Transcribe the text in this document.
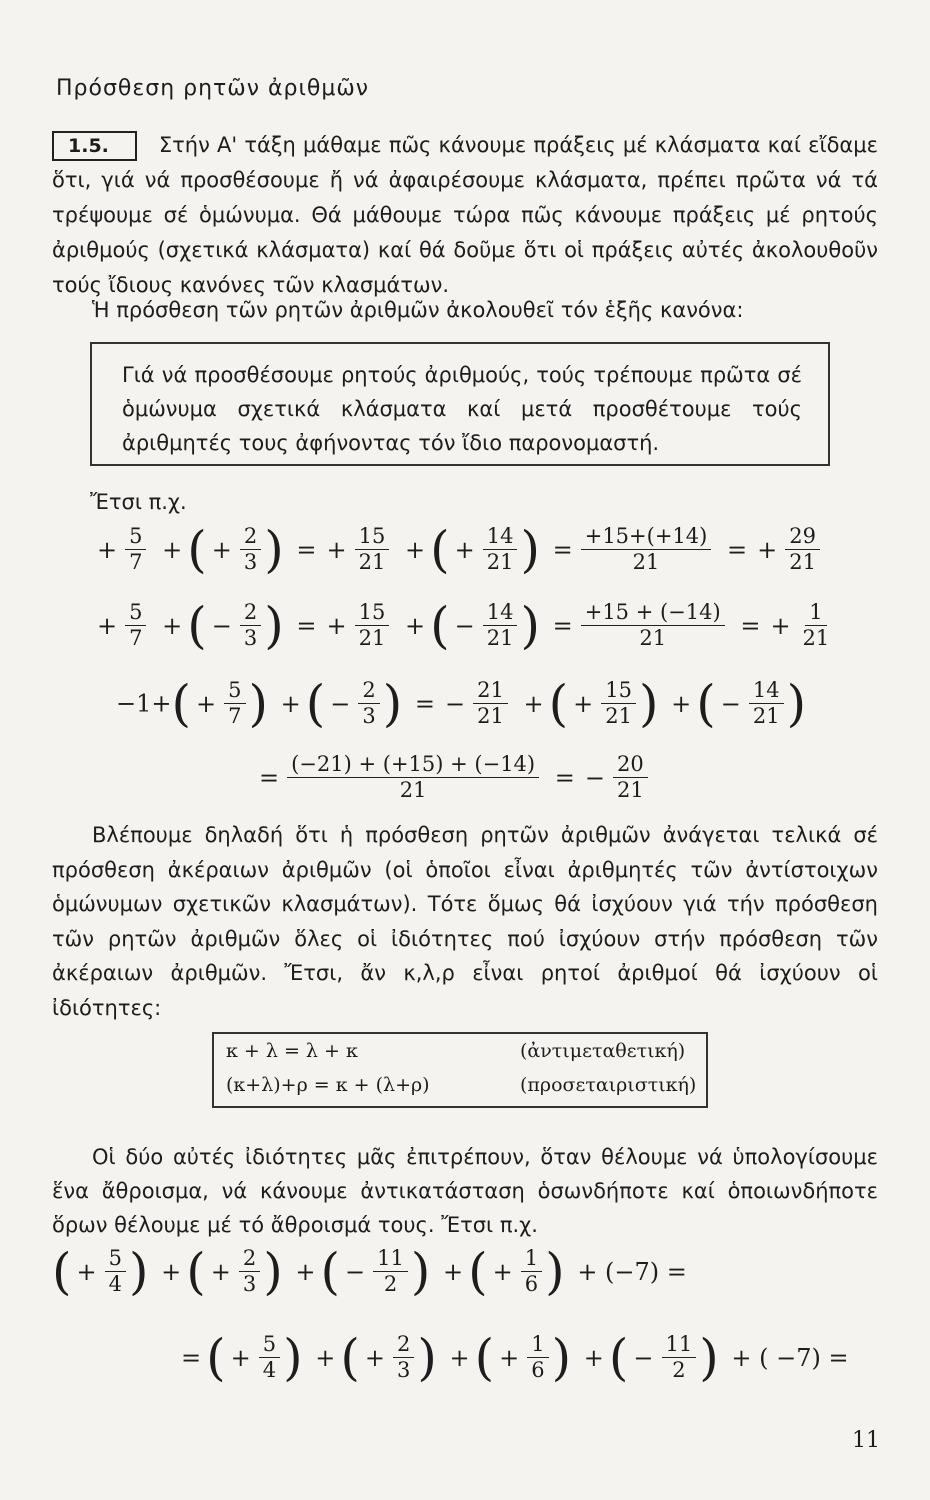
Πρόσθεση ρητῶν ἀριθμῶν
1.5. Στήν Α' τάξη μάθαμε πῶς κάνουμε πράξεις μέ κλάσματα καί εἴδαμε ὅτι, γιά νά προσθέσουμε ἤ νά ἀφαιρέσουμε κλάσματα, πρέπει πρῶτα νά τά τρέψουμε σέ ὁμώνυμα. Θά μάθουμε τώρα πῶς κάνουμε πράξεις μέ ρητούς ἀριθμούς (σχετικά κλάσματα) καί θά δοῦμε ὅτι οἱ πράξεις αὐτές ἀκολουθοῦν τούς ἴδιους κανόνες τῶν κλασμάτων.
Ἡ πρόσθεση τῶν ρητῶν ἀριθμῶν ἀκολουθεῖ τόν ἑξῆς κανόνα:
Γιά νά προσθέσουμε ρητούς ἀριθμούς, τούς τρέπουμε πρῶτα σέ ὁμώνυμα σχετικά κλάσματα καί μετά προσθέτουμε τούς ἀριθμητές τους ἀφήνοντας τόν ἴδιο παρονομαστή.
Ἔτσι π.χ.
+ $\frac{5}{7}$ + ( + $\frac{2}{3}$ ) = + $\frac{15}{21}$ + ( + $\frac{14}{21}$ ) = $\frac{+15+(+14)}{21}$ = + $\frac{29}{21}$
+ $\frac{5}{7}$ + ( − $\frac{2}{3}$ ) = + $\frac{15}{21}$ + ( − $\frac{14}{21}$ ) = $\frac{+15 + (-14)}{21}$ = + $\frac{1}{21}$
$-1+( + \frac{5}{7}$ ) + ( − $\frac{2}{3}$ ) = − $\frac{21}{21}$ + ( + $\frac{15}{21}$ ) + ( − $\frac{14}{21}$ )
= $\frac{(-21) + (+15) + (-14)}{21}$ = − $\frac{20}{21}$
Βλέπουμε δηλαδή ὅτι ἡ πρόσθεση ρητῶν ἀριθμῶν ἀνάγεται τελικά σέ πρόσθεση ἀκέραιων ἀριθμῶν (οἱ ὁποῖοι εἶναι ἀριθμητές τῶν ἀντίστοιχων ὁμώνυμων σχετικῶν κλασμάτων). Τότε ὅμως θά ἰσχύουν γιά τήν πρόσθεση τῶν ρητῶν ἀριθμῶν ὅλες οἱ ἰδιότητες πού ἰσχύουν στήν πρόσθεση τῶν ἀκέραιων ἀριθμῶν. Ἔτσι, ἄν κ,λ,ρ εἶναι ρητοί ἀριθμοί θά ἰσχύουν οἱ ἰδιότητες:
κ + λ = λ + κ	(ἀντιμεταθετική)
(κ+λ)+ρ = κ + (λ+ρ)	(προσεταιριστική)
Οἱ δύο αὐτές ἰδιότητες μᾶς ἐπιτρέπουν, ὅταν θέλουμε νά ὑπολογίσουμε ἕνα ἄθροισμα, νά κάνουμε ἀντικατάσταση ὁσωνδήποτε καί ὁποιωνδήποτε ὅρων θέλουμε μέ τό ἄθροισμά τους. Ἔτσι π.χ.
( + $\frac{5}{4}$ ) + ( + $\frac{2}{3}$ ) + ( − $\frac{11}{2}$ ) + ( + $\frac{1}{6}$ ) + (−7) =
= ( + $\frac{5}{4}$ ) + ( + $\frac{2}{3}$ ) + ( + $\frac{1}{6}$ ) + ( − $\frac{11}{2}$ ) + ( −7) =
11
